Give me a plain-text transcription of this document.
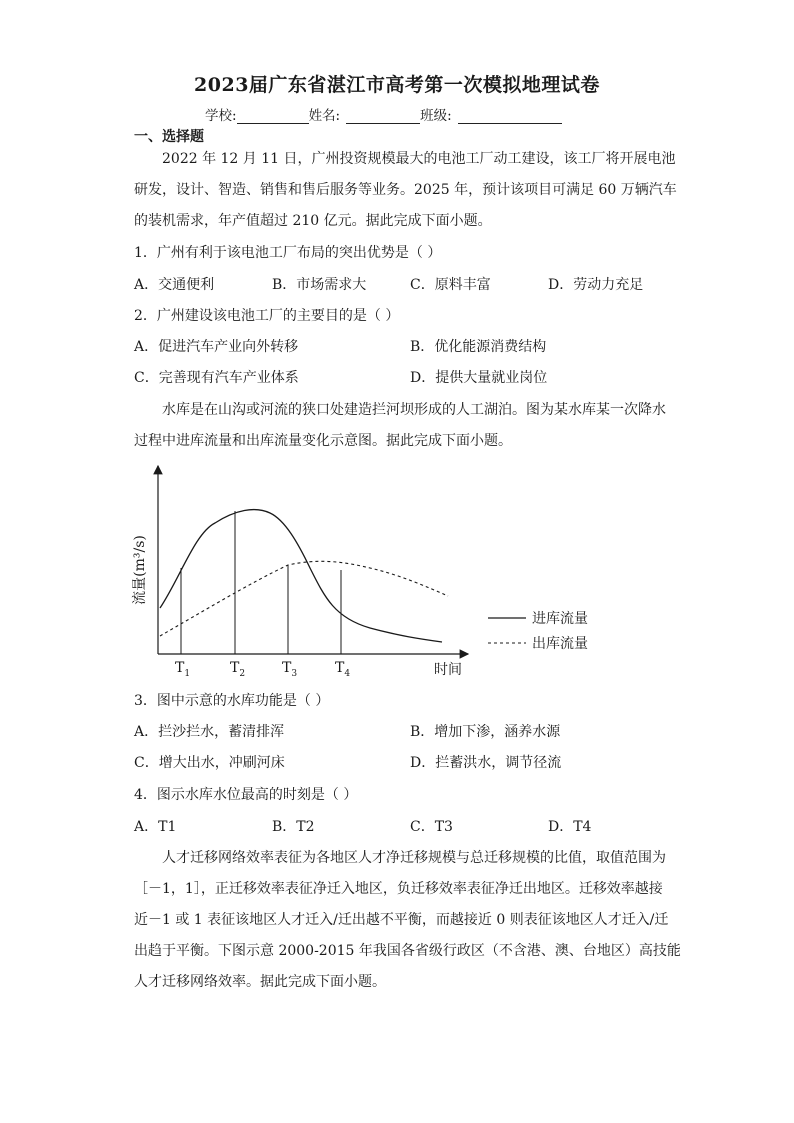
2023届广东省湛江市高考第一次模拟地理试卷
学校:	姓名:	班级:
一、选择题
2022 年 12 月 11 日，广州投资规模最大的电池工厂动工建设，该工厂将开展电池
研发，设计、智造、销售和售后服务等业务。2025 年，预计该项目可满足 60 万辆汽车
的装机需求，年产值超过 210 亿元。据此完成下面小题。
1．广州有利于该电池工厂布局的突出优势是（ ）
A．交通便利	B．市场需求大	C．原料丰富	D．劳动力充足
2．广州建设该电池工厂的主要目的是（ ）
A．促进汽车产业向外转移	B．优化能源消费结构
C．完善现有汽车产业体系	D．提供大量就业岗位
水库是在山沟或河流的狭口处建造拦河坝形成的人工湖泊。图为某水库某一次降水
过程中进库流量和出库流量变化示意图。据此完成下面小题。
流量(m³/s)
$T_1$	$T_2$	$T_3$	$T_4$	时间
进库流量
出库流量
3．图中示意的水库功能是（ ）
A．拦沙拦水，蓄清排浑	B．增加下渗，涵养水源
C．增大出水，冲刷河床	D．拦蓄洪水，调节径流
4．图示水库水位最高的时刻是（ ）
A．T1	B．T2	C．T3	D．T4
人才迁移网络效率表征为各地区人才净迁移规模与总迁移规模的比值，取值范围为
［－1，1］，正迁移效率表征净迁入地区，负迁移效率表征净迁出地区。迁移效率越接
近－1 或 1 表征该地区人才迁入/迁出越不平衡，而越接近 0 则表征该地区人才迁入/迁
出趋于平衡。下图示意 2000-2015 年我国各省级行政区（不含港、澳、台地区）高技能
人才迁移网络效率。据此完成下面小题。
